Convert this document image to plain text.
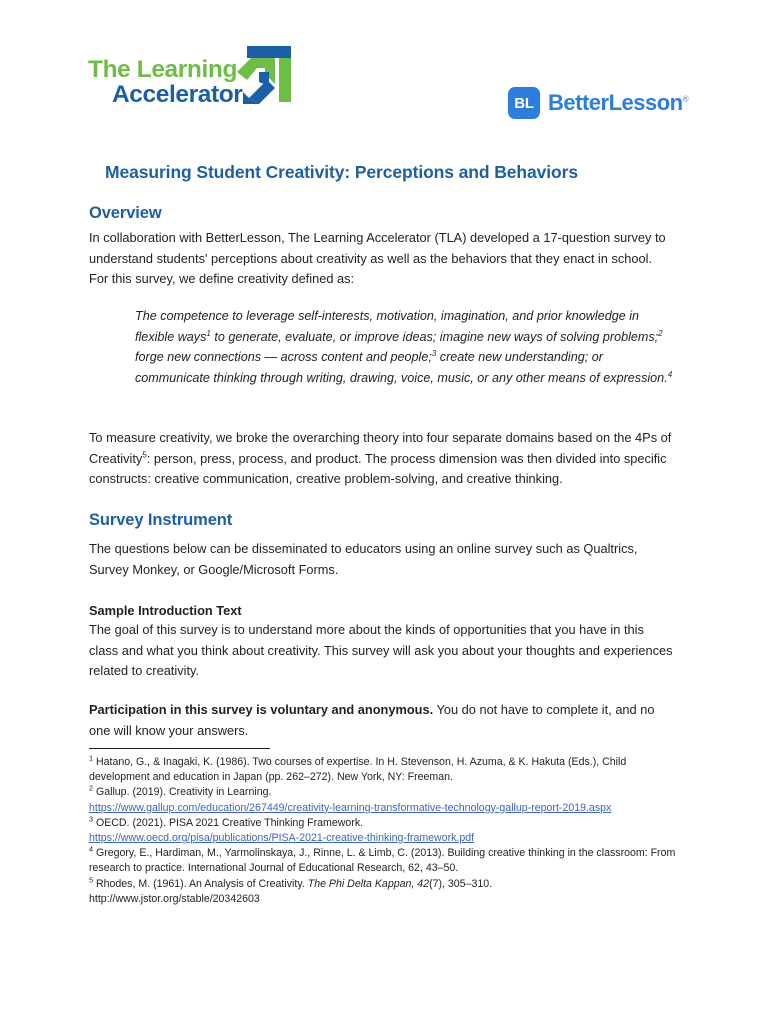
The Learning
Accelerator	BL BetterLesson®
Measuring Student Creativity: Perceptions and Behaviors
Overview

In collaboration with BetterLesson, The Learning Accelerator (TLA) developed a 17-question survey to understand students' perceptions about creativity as well as the behaviors that they enact in school. For this survey, we define creativity defined as:

The competence to leverage self-interests, motivation, imagination, and prior knowledge in flexible ways$^1$ to generate, evaluate, or improve ideas; imagine new ways of solving problems;$^2$ forge new connections — across content and people;$^3$ create new understanding; or communicate thinking through writing, drawing, voice, music, or any other means of expression.$^4$

To measure creativity, we broke the overarching theory into four separate domains based on the 4Ps of Creativity$^5$: person, press, process, and product. The process dimension was then divided into specific constructs: creative communication, creative problem-solving, and creative thinking.

Survey Instrument

The questions below can be disseminated to educators using an online survey such as Qualtrics, Survey Monkey, or Google/Microsoft Forms.

Sample Introduction Text

The goal of this survey is to understand more about the kinds of opportunities that you have in this class and what you think about creativity. This survey will ask you about your thoughts and experiences related to creativity.

Participation in this survey is voluntary and anonymous. You do not have to complete it, and no one will know your answers.

$^1$ Hatano, G., & Inagaki, K. (1986). Two courses of expertise. In H. Stevenson, H. Azuma, & K. Hakuta (Eds.), Child development and education in Japan (pp. 262–272). New York, NY: Freeman.

$^2$ Gallup. (2019). Creativity in Learning.
https://www.gallup.com/education/267449/creativity-learning-transformative-technology-gallup-report-2019.aspx

$^3$ OECD. (2021). PISA 2021 Creative Thinking Framework.
https://www.oecd.org/pisa/publications/PISA-2021-creative-thinking-framework.pdf

$^4$ Gregory, E., Hardiman, M., Yarmolinskaya, J., Rinne, L. & Limb, C. (2013). Building creative thinking in the classroom: From research to practice. International Journal of Educational Research, 62, 43–50.

$^5$ Rhodes, M. (1961). An Analysis of Creativity. The Phi Delta Kappan, 42(7), 305–310.
http://www.jstor.org/stable/20342603
